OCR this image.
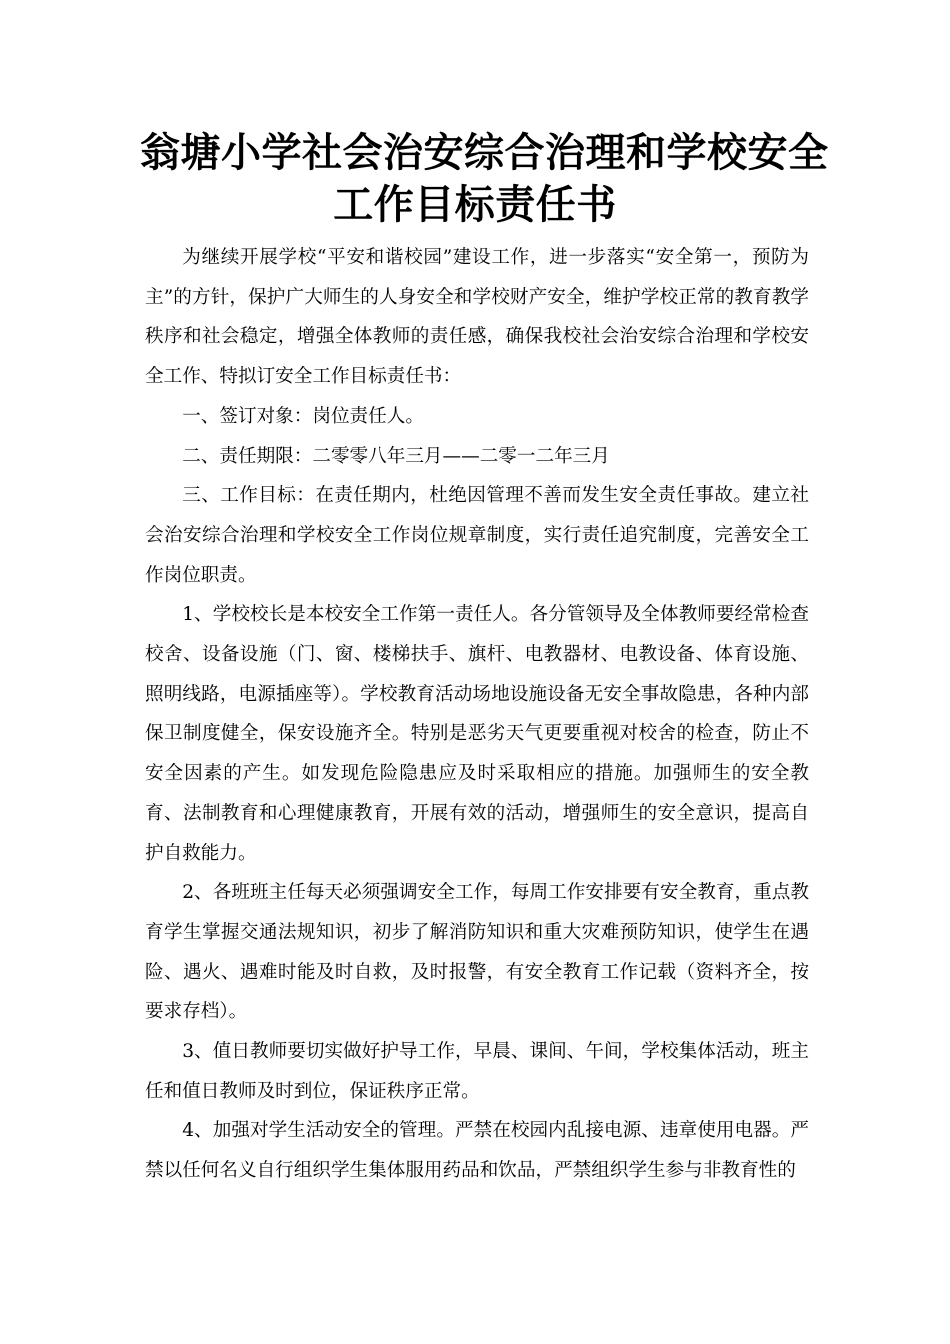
翁塘小学社会治安综合治理和学校安全
工作目标责任书

为继续开展学校“平安和谐校园”建设工作，进一步落实“安全第一，预防为主”的方针，保护广大师生的人身安全和学校财产安全，维护学校正常的教育教学秩序和社会稳定，增强全体教师的责任感，确保我校社会治安综合治理和学校安全工作、特拟订安全工作目标责任书：

一、签订对象：岗位责任人。

二、责任期限：二零零八年三月——二零一二年三月

三、工作目标：在责任期内，杜绝因管理不善而发生安全责任事故。建立社会治安综合治理和学校安全工作岗位规章制度，实行责任追究制度，完善安全工作岗位职责。

1、学校校长是本校安全工作第一责任人。各分管领导及全体教师要经常检查校舍、设备设施（门、窗、楼梯扶手、旗杆、电教器材、电教设备、体育设施、照明线路，电源插座等）。学校教育活动场地设施设备无安全事故隐患，各种内部保卫制度健全，保安设施齐全。特别是恶劣天气更要重视对校舍的检查，防止不安全因素的产生。如发现危险隐患应及时采取相应的措施。加强师生的安全教育、法制教育和心理健康教育，开展有效的活动，增强师生的安全意识，提高自护自救能力。

2、各班班主任每天必须强调安全工作，每周工作安排要有安全教育，重点教育学生掌握交通法规知识，初步了解消防知识和重大灾难预防知识，使学生在遇险、遇火、遇难时能及时自救，及时报警，有安全教育工作记载（资料齐全，按要求存档）。

3、值日教师要切实做好护导工作，早晨、课间、午间，学校集体活动，班主任和值日教师及时到位，保证秩序正常。

4、加强对学生活动安全的管理。严禁在校园内乱接电源、违章使用电器。严禁以任何名义自行组织学生集体服用药品和饮品，严禁组织学生参与非教育性的
